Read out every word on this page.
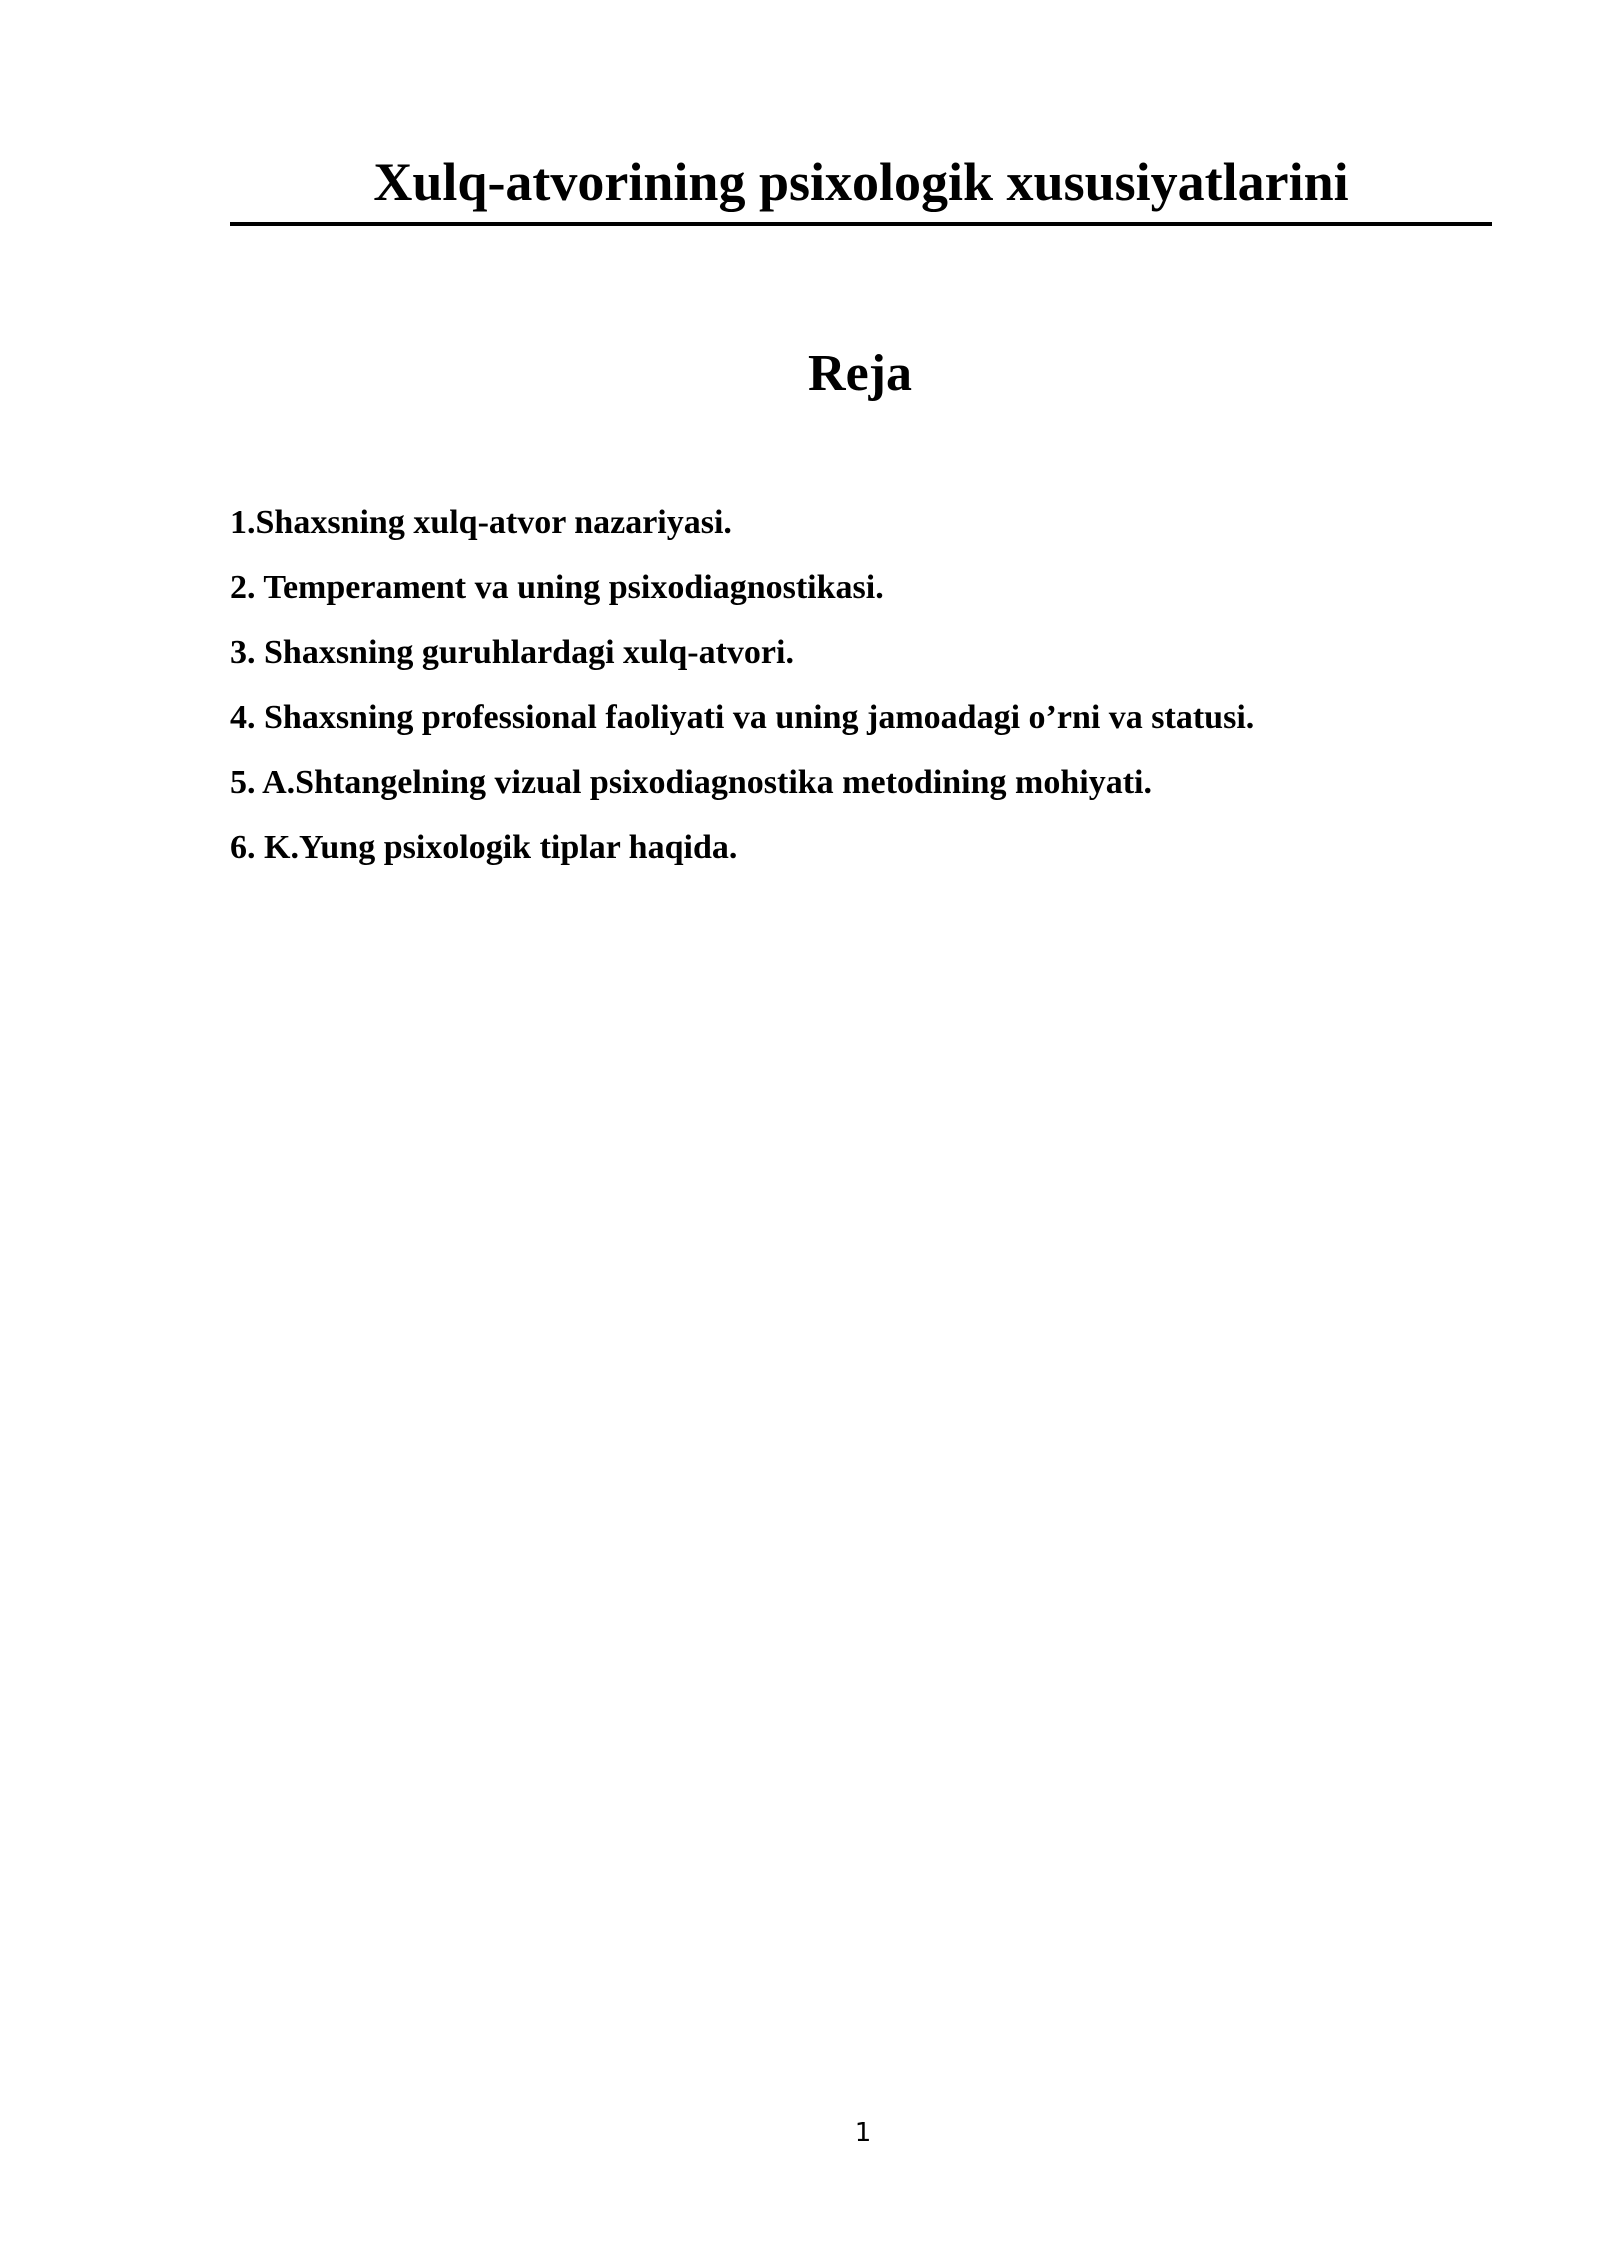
Xulq-atvorining psixologik xususiyatlarini
Reja
1.Shaxsning xulq-atvor nazariyasi.
2. Temperament va uning psixodiagnostikasi.
3. Shaxsning guruhlardagi xulq-atvori.
4. Shaxsning professional faoliyati va uning jamoadagi o’rni va statusi.
5. A.Shtangelning vizual psixodiagnostika metodining mohiyati.
6. K.Yung psixologik tiplar haqida.
1
